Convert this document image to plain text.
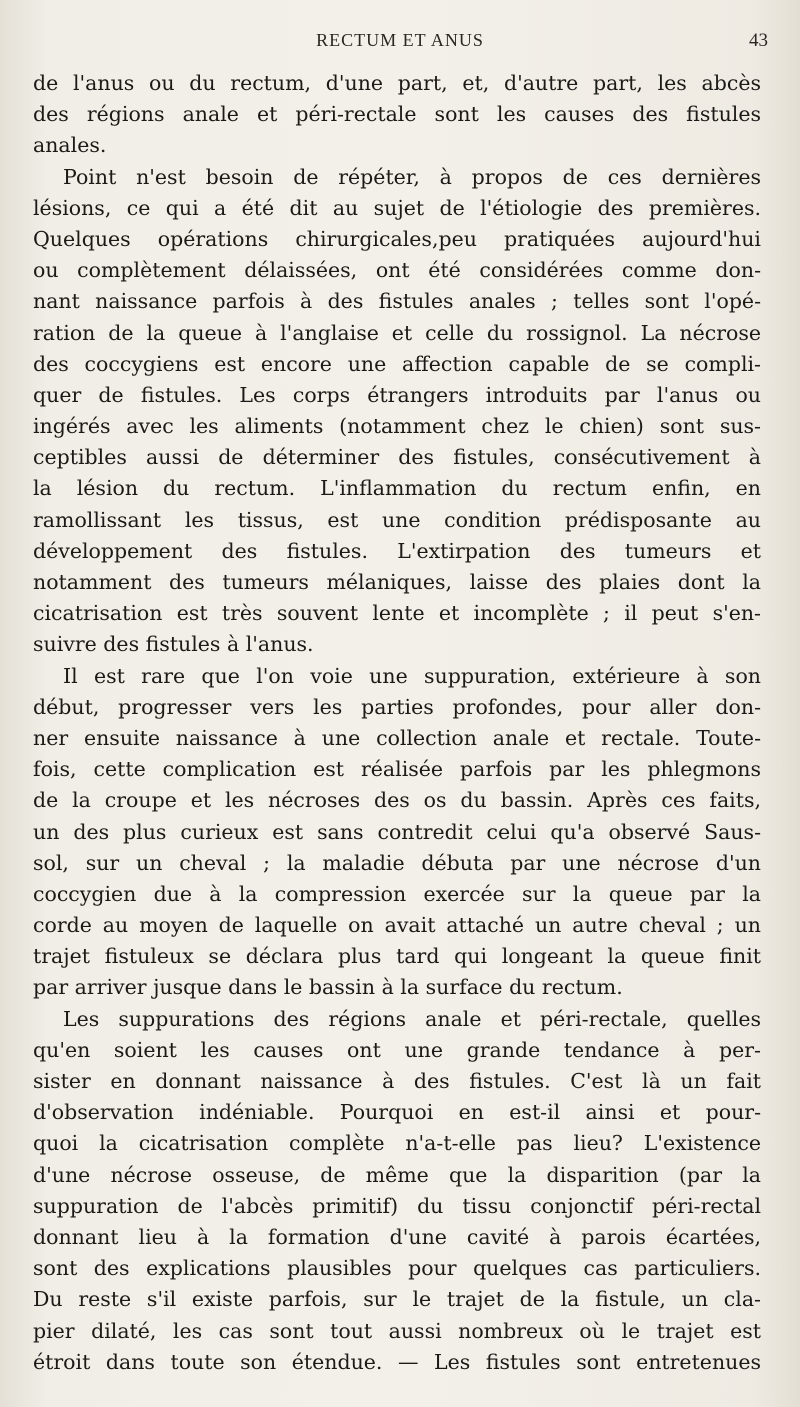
RECTUM ET ANUS	43
de l'anus ou du rectum, d'une part, et, d'autre part, les abcès
des régions anale et péri-rectale sont les causes des fistules
anales.
Point n'est besoin de répéter, à propos de ces dernières
lésions, ce qui a été dit au sujet de l'étiologie des premières.
Quelques opérations chirurgicales,peu pratiquées aujourd'hui
ou complètement délaissées, ont été considérées comme don-
nant naissance parfois à des fistules anales ; telles sont l'opé-
ration de la queue à l'anglaise et celle du rossignol. La nécrose
des coccygiens est encore une affection capable de se compli-
quer de fistules. Les corps étrangers introduits par l'anus ou
ingérés avec les aliments (notamment chez le chien) sont sus-
ceptibles aussi de déterminer des fistules, consécutivement à
la lésion du rectum. L'inflammation du rectum enfin, en
ramollissant les tissus, est une condition prédisposante au
développement des fistules. L'extirpation des tumeurs et
notamment des tumeurs mélaniques, laisse des plaies dont la
cicatrisation est très souvent lente et incomplète ; il peut s'en-
suivre des fistules à l'anus.
Il est rare que l'on voie une suppuration, extérieure à son
début, progresser vers les parties profondes, pour aller don-
ner ensuite naissance à une collection anale et rectale. Toute-
fois, cette complication est réalisée parfois par les phlegmons
de la croupe et les nécroses des os du bassin. Après ces faits,
un des plus curieux est sans contredit celui qu'a observé Saus-
sol, sur un cheval ; la maladie débuta par une nécrose d'un
coccygien due à la compression exercée sur la queue par la
corde au moyen de laquelle on avait attaché un autre cheval ; un
trajet fistuleux se déclara plus tard qui longeant la queue finit
par arriver jusque dans le bassin à la surface du rectum.
Les suppurations des régions anale et péri-rectale, quelles
qu'en soient les causes ont une grande tendance à per-
sister en donnant naissance à des fistules. C'est là un fait
d'observation indéniable. Pourquoi en est-il ainsi et pour-
quoi la cicatrisation complète n'a-t-elle pas lieu? L'existence
d'une nécrose osseuse, de même que la disparition (par la
suppuration de l'abcès primitif) du tissu conjonctif péri-rectal
donnant lieu à la formation d'une cavité à parois écartées,
sont des explications plausibles pour quelques cas particuliers.
Du reste s'il existe parfois, sur le trajet de la fistule, un cla-
pier dilaté, les cas sont tout aussi nombreux où le trajet est
étroit dans toute son étendue. — Les fistules sont entretenues
